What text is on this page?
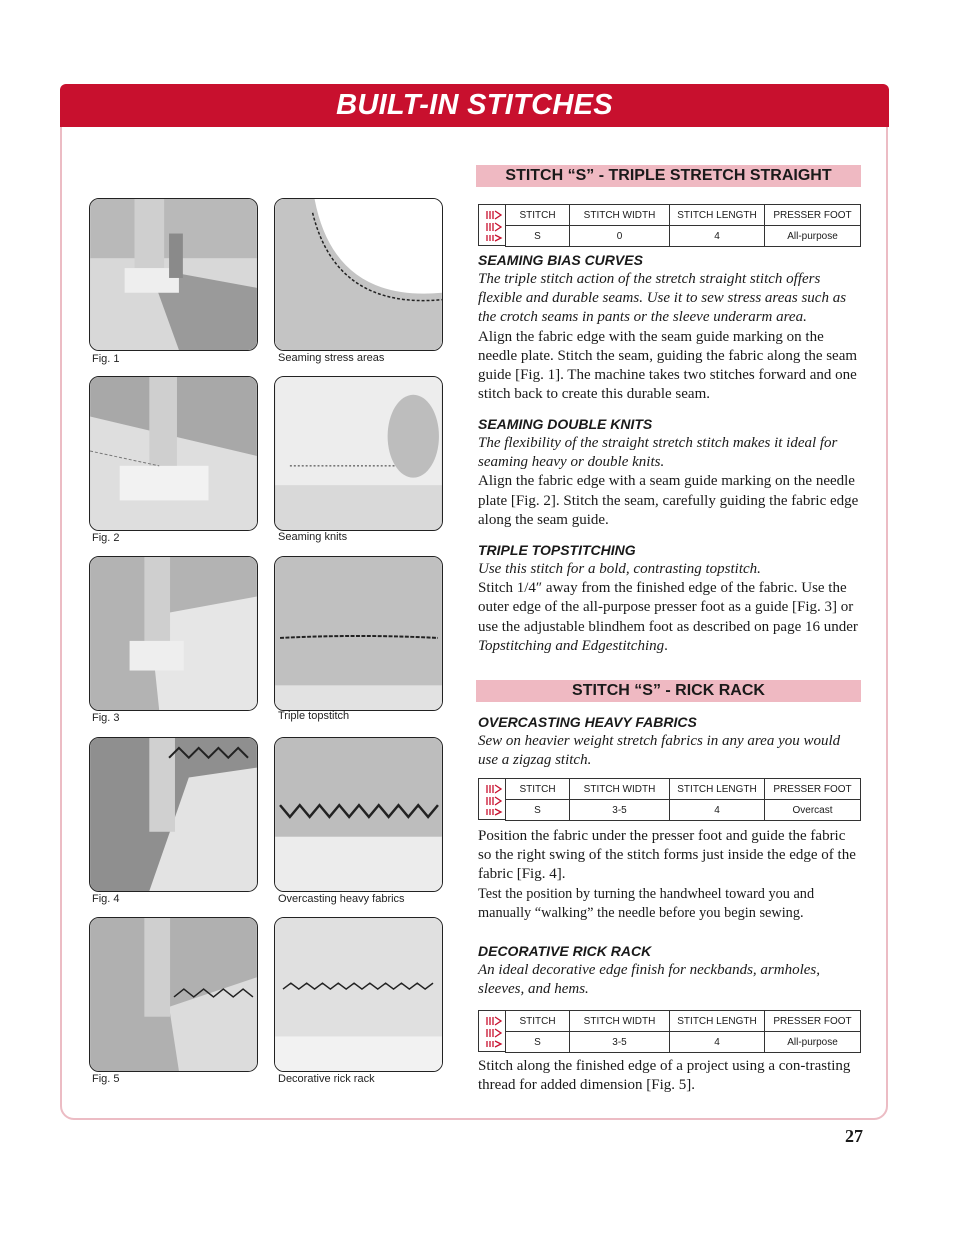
BUILT-IN STITCHES
Fig. 1	Seaming stress areas
Fig. 2	Seaming knits
Fig. 3	Triple topstitch
Fig. 4	Overcasting heavy fabrics
Fig. 5	Decorative rick rack
STITCH “S” - TRIPLE STRETCH STRAIGHT
STITCH	STITCH WIDTH	STITCH LENGTH	PRESSER FOOT
S	0	4	All-purpose
SEAMING BIAS CURVES
The triple stitch action of the stretch straight stitch offers flexible and durable seams. Use it to sew stress areas such as the crotch seams in pants or the sleeve underarm area.
Align the fabric edge with the seam guide marking on the needle plate. Stitch the seam, guiding the fabric along the seam guide [Fig. 1]. The machine takes two stitches forward and one stitch back to create this durable seam.
SEAMING DOUBLE KNITS
The flexibility of the straight stretch stitch makes it ideal for seaming heavy or double knits.
Align the fabric edge with a seam guide marking on the needle plate [Fig. 2]. Stitch the seam, carefully guiding the fabric edge along the seam guide.
TRIPLE TOPSTITCHING
Use this stitch for a bold, contrasting topstitch.
Stitch 1/4″ away from the finished edge of the fabric. Use the outer edge of the all-purpose presser foot as a guide [Fig. 3] or use the adjustable blindhem foot as described on page 16 under Topstitching and Edgestitching.
STITCH “S” - RICK RACK
OVERCASTING HEAVY FABRICS
Sew on heavier weight stretch fabrics in any area you would use a zigzag stitch.
STITCH	STITCH WIDTH	STITCH LENGTH	PRESSER FOOT
S	3-5	4	Overcast
Position the fabric under the presser foot and guide the fabric so the right swing of the stitch forms just inside the edge of the fabric [Fig. 4].
Test the position by turning the handwheel toward you and manually “walking” the needle before you begin sewing.
DECORATIVE RICK RACK
An ideal decorative edge finish for neckbands, armholes, sleeves, and hems.
STITCH	STITCH WIDTH	STITCH LENGTH	PRESSER FOOT
S	3-5	4	All-purpose
Stitch along the finished edge of a project using a con-trasting thread for added dimension [Fig. 5].
27
